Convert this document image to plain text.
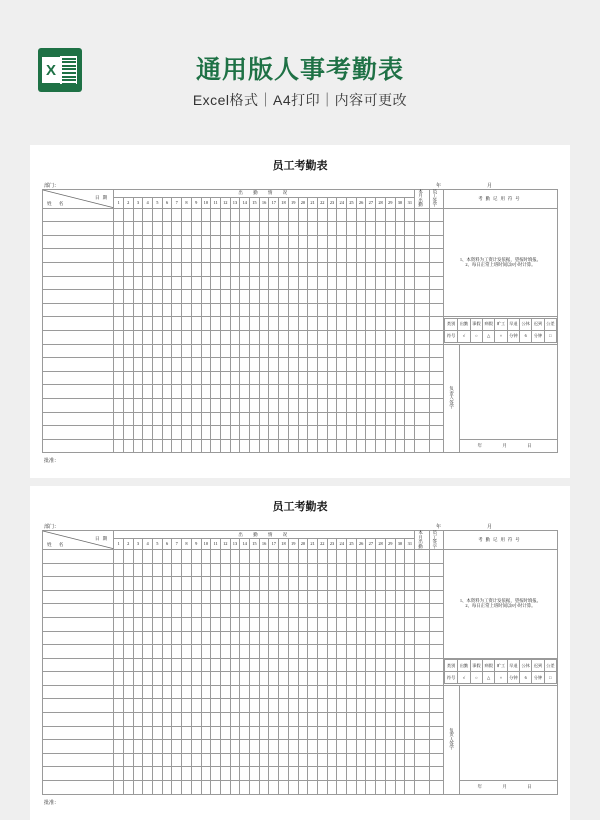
X	通用版人事考勤表
Excel格式｜A4打印｜内容可更改
员工考勤表
部门：	年　　月
姓 名
日期
	出　勤　情　况	本月出勤	员工签字	考勤记用符号
1	2	3	4	5	6	7	8	9	10	11	12	13	14	15	16	17	18	19	20	21	22	23	24	25	26	27	28	29	30	31

1、本资料为工资计发依据，望按时填报。

2、每日正常上班时间以8小时计算。

类别	出勤	事假	病假	旷工	早退	公休	迟到	公差
符号	√	○	△	×	分钟	6	分钟	□

负
责
人
签
字

																																		年　月　日
批准：
员工考勤表
部门：	年　　月
姓 名
日期
	出　勤　情　况	本月出勤	员工签字	考勤记用符号
1	2	3	4	5	6	7	8	9	10	11	12	13	14	15	16	17	18	19	20	21	22	23	24	25	26	27	28	29	30	31

1、本资料为工资计发依据，望按时填报。

2、每日正常上班时间以8小时计算。

类别	出勤	事假	病假	旷工	早退	公休	迟到	公差
符号	√	○	△	×	分钟	6	分钟	□

负
责
人
签
字

																																		年　月　日
批准：
